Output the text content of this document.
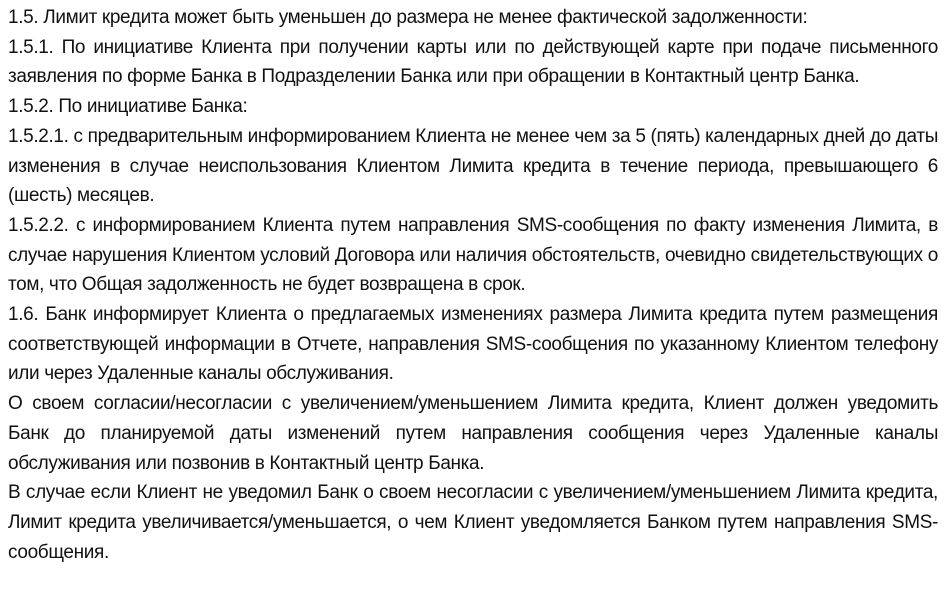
1.5. Лимит кредита может быть уменьшен до размера не менее фактической задолженности:

1.5.1. По инициативе Клиента при получении карты или по действующей карте при подаче письменного заявления по форме Банка в Подразделении Банка или при обращении в Контактный центр Банка.

1.5.2. По инициативе Банка:

1.5.2.1. с предварительным информированием Клиента не менее чем за 5 (пять) календарных дней до даты изменения в случае неиспользования Клиентом Лимита кредита в течение периода, превышающего 6 (шесть) месяцев.

1.5.2.2. с информированием Клиента путем направления SMS-сообщения по факту изменения Лимита, в случае нарушения Клиентом условий Договора или наличия обстоятельств, очевидно свидетельствующих о том, что Общая задолженность не будет возвращена в срок.

1.6. Банк информирует Клиента о предлагаемых изменениях размера Лимита кредита путем размещения соответствующей информации в Отчете, направления SMS-сообщения по указанному Клиентом телефону или через Удаленные каналы обслуживания.

О своем согласии/несогласии с увеличением/уменьшением Лимита кредита, Клиент должен уведомить Банк до планируемой даты изменений путем направления сообщения через Удаленные каналы обслуживания или позвонив в Контактный центр Банка.

В случае если Клиент не уведомил Банк о своем несогласии с увеличением/уменьшением Лимита кредита, Лимит кредита увеличивается/уменьшается, о чем Клиент уведомляется Банком путем направления SMS-сообщения.
